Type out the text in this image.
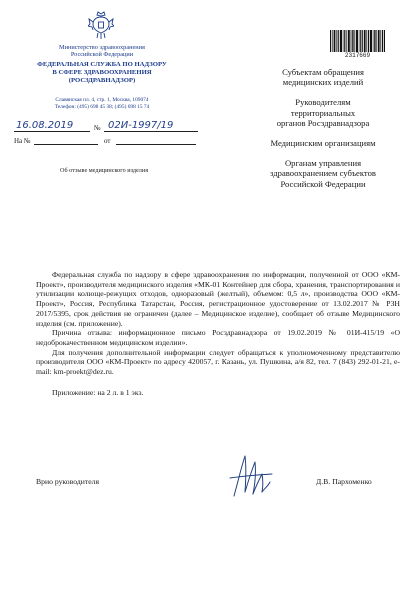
Министерство здравоохранения
Российской Федерации
ФЕДЕРАЛЬНАЯ СЛУЖБА ПО НАДЗОРУ
В СФЕРЕ ЗДРАВООХРАНЕНИЯ
(РОСЗДРАВНАДЗОР)
Славянская пл. 4, стр. 1, Москва, 109074
Телефон: (495) 698 45 38; (495) 698 15 74
16.08.2019	№ 02И-1997/19
На №	от
Об отзыве медицинского изделия
2317669
Субъектам обращения
медицинских изделий
Руководителям
территориальных
органов Росздравнадзора
Медицинским организациям
Органам управления
здравоохранением субъектов
Российской Федерации

Федеральная служба по надзору в сфере здравоохранения по информации, полученной от ООО «КМ-Проект», производителя медицинского изделия «МК-01 Контейнер для сбора, хранения, транспортирования и утилизации колюще-режущих отходов, одноразовый (желтый), объемом: 0,5 л», производства ООО «КМ-Проект», Россия, Республика Татарстан, Россия, регистрационное удостоверение от 13.02.2017 № РЗН 2017/5395, срок действия не ограничен (далее – Медицинское изделие), сообщает об отзыве Медицинского изделия (см. приложение).

Причина отзыва: информационное письмо Росздравнадзора от 19.02.2019 № 01И-415/19 «О недоброкачественном медицинском изделии».

Для получения дополнительной информации следует обращаться к уполномоченному представителю производителя ООО «КМ-Проект» по адресу 420057, г. Казань, ул. Пушкина, а/я 82, тел. 7 (843) 292-01-21, e-mail: km-proekt@dez.ru.

Приложение: на 2 л. в 1 экз.

Врио руководителя	Д.В. Пархоменко
